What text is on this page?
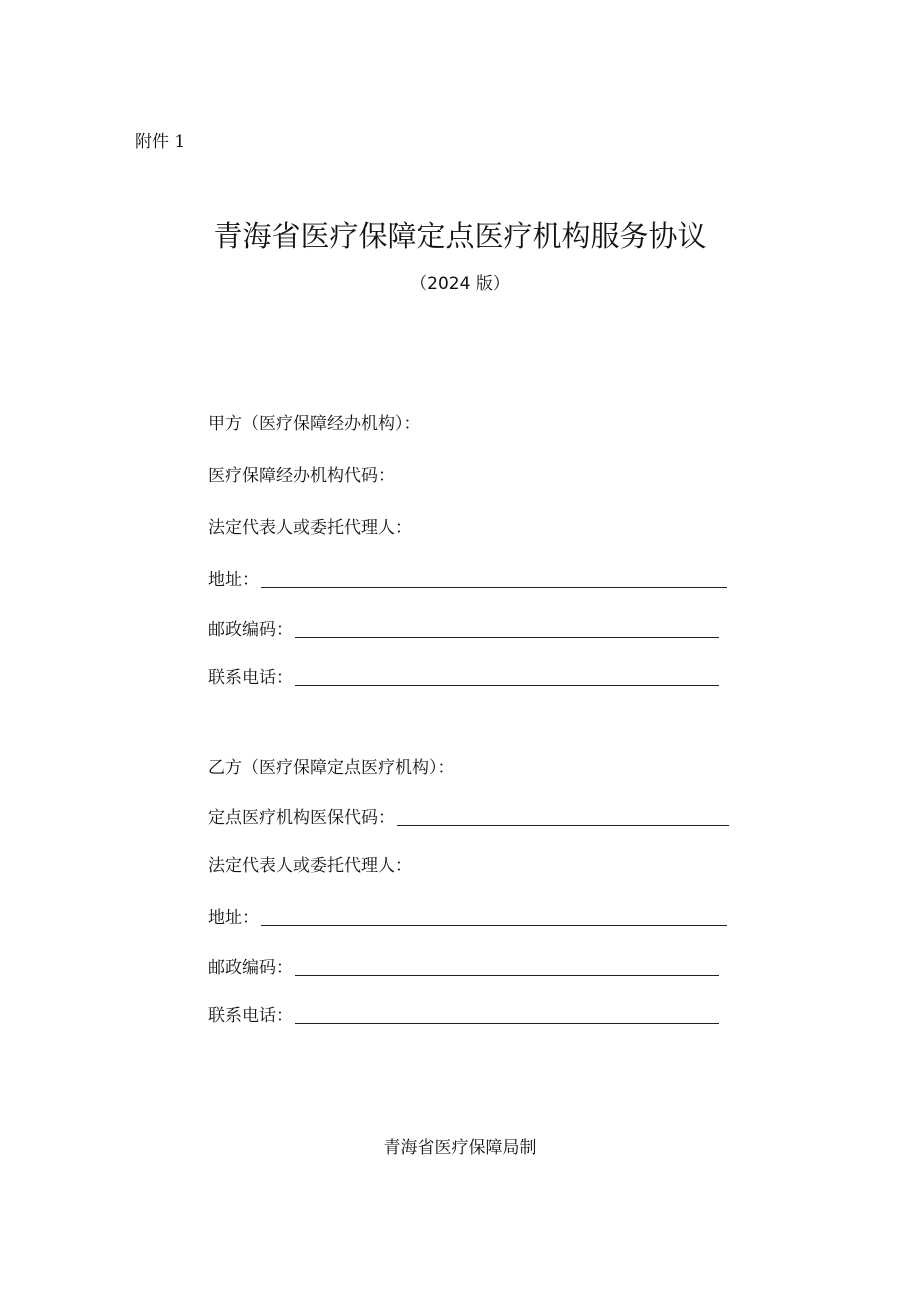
附件 1
青海省医疗保障定点医疗机构服务协议
（2024 版）
甲方（医疗保障经办机构）：
医疗保障经办机构代码：
法定代表人或委托代理人：
地址：
邮政编码：
联系电话：
乙方（医疗保障定点医疗机构）：
定点医疗机构医保代码：
法定代表人或委托代理人：
地址：
邮政编码：
联系电话：
青海省医疗保障局制
